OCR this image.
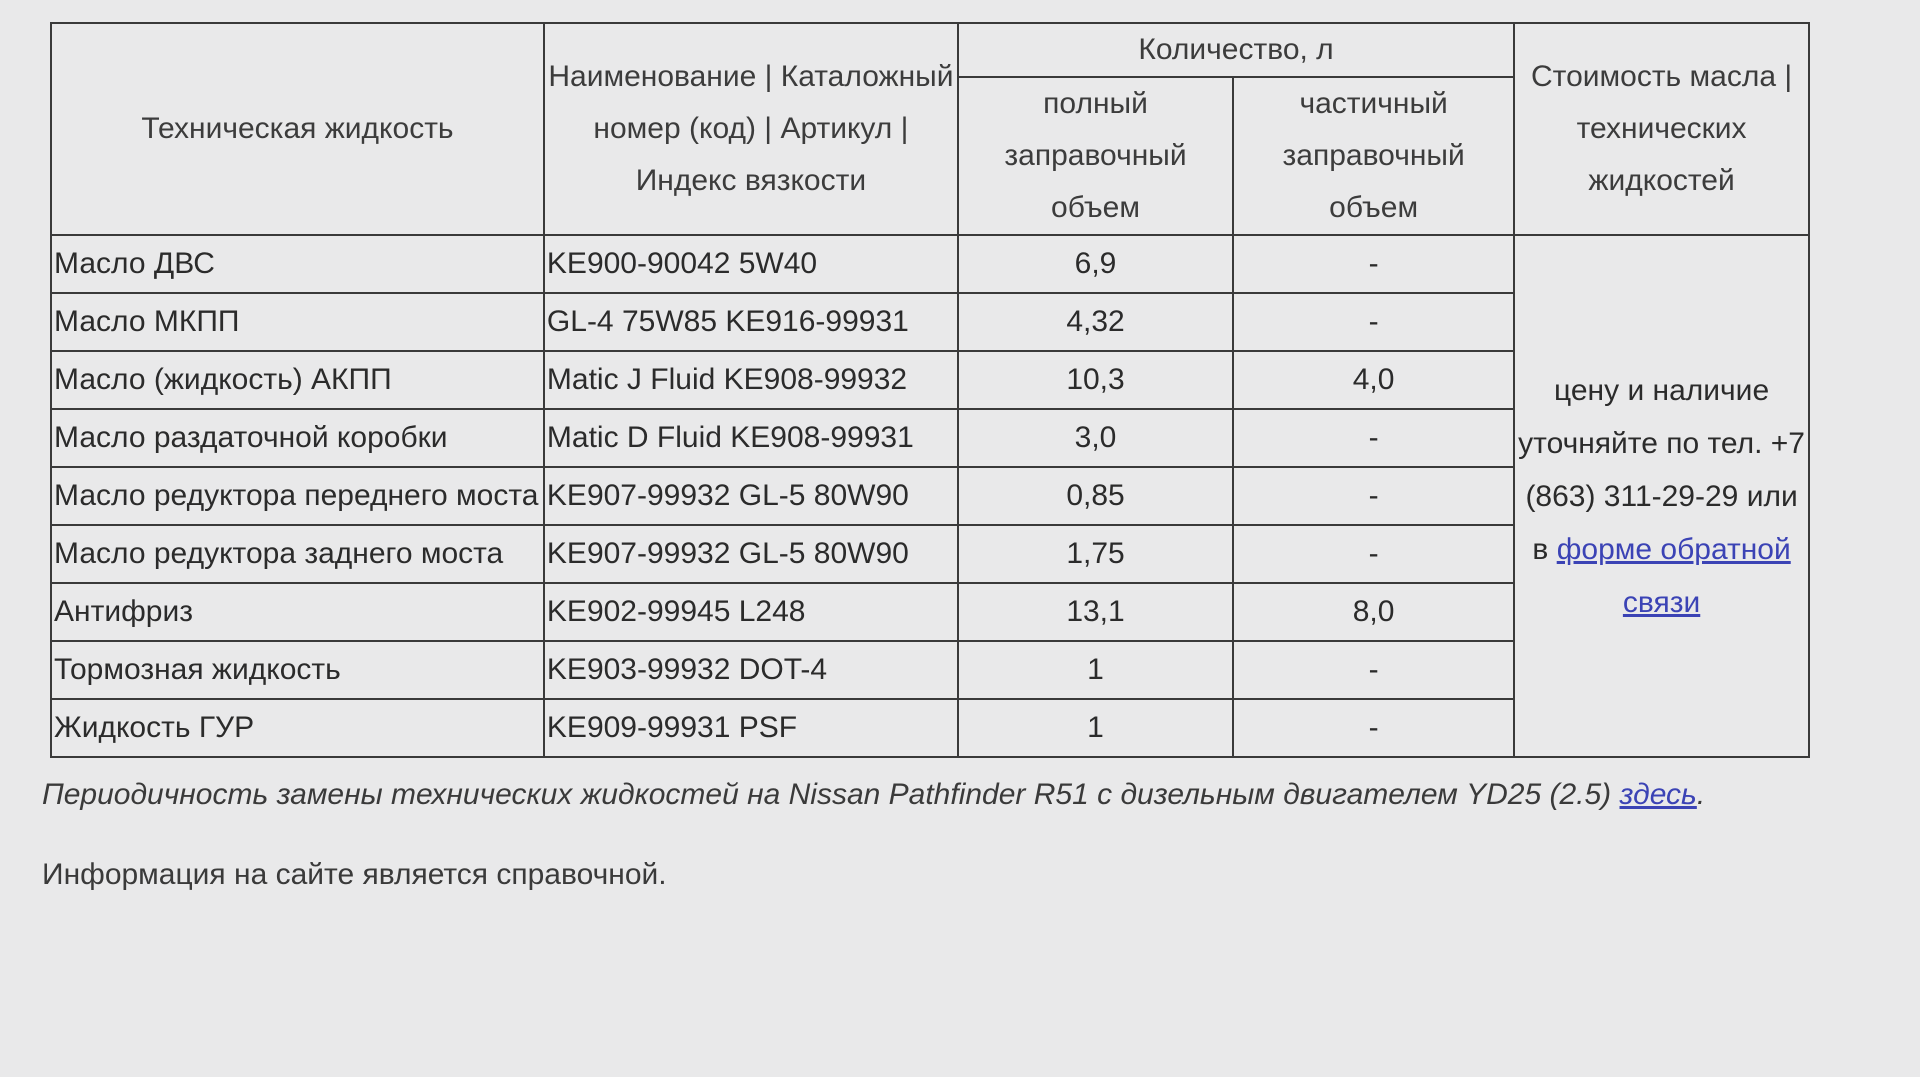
Техническая жидкость	Наименование | Каталожный номер (код) | Артикул | Индекс вязкости	Количество, л		Стоимость масла | технических жидкостей
		полный заправочный объем	частичный заправочный объем	
Масло ДВС	KE900-90042 5W40	6,9	-	цену и наличие уточняйте по тел. +7 (863) 311-29-29 или в форме обратной связи
Масло МКПП	GL-4 75W85 KE916-99931	4,32	-	
Масло (жидкость) АКПП	Matic J Fluid KE908-99932	10,3	4,0	
Масло раздаточной коробки	Matic D Fluid KE908-99931	3,0	-	
Масло редуктора переднего моста	KE907-99932 GL-5 80W90	0,85	-	
Масло редуктора заднего моста	KE907-99932 GL-5 80W90	1,75	-	
Антифриз	KE902-99945 L248	13,1	8,0	
Тормозная жидкость	KE903-99932 DOT-4	1	-	
Жидкость ГУР	KE909-99931 PSF	1	-	
Периодичность замены технических жидкостей на Nissan Pathfinder R51 с дизельным двигателем YD25 (2.5) здесь.
Информация на сайте является справочной.
